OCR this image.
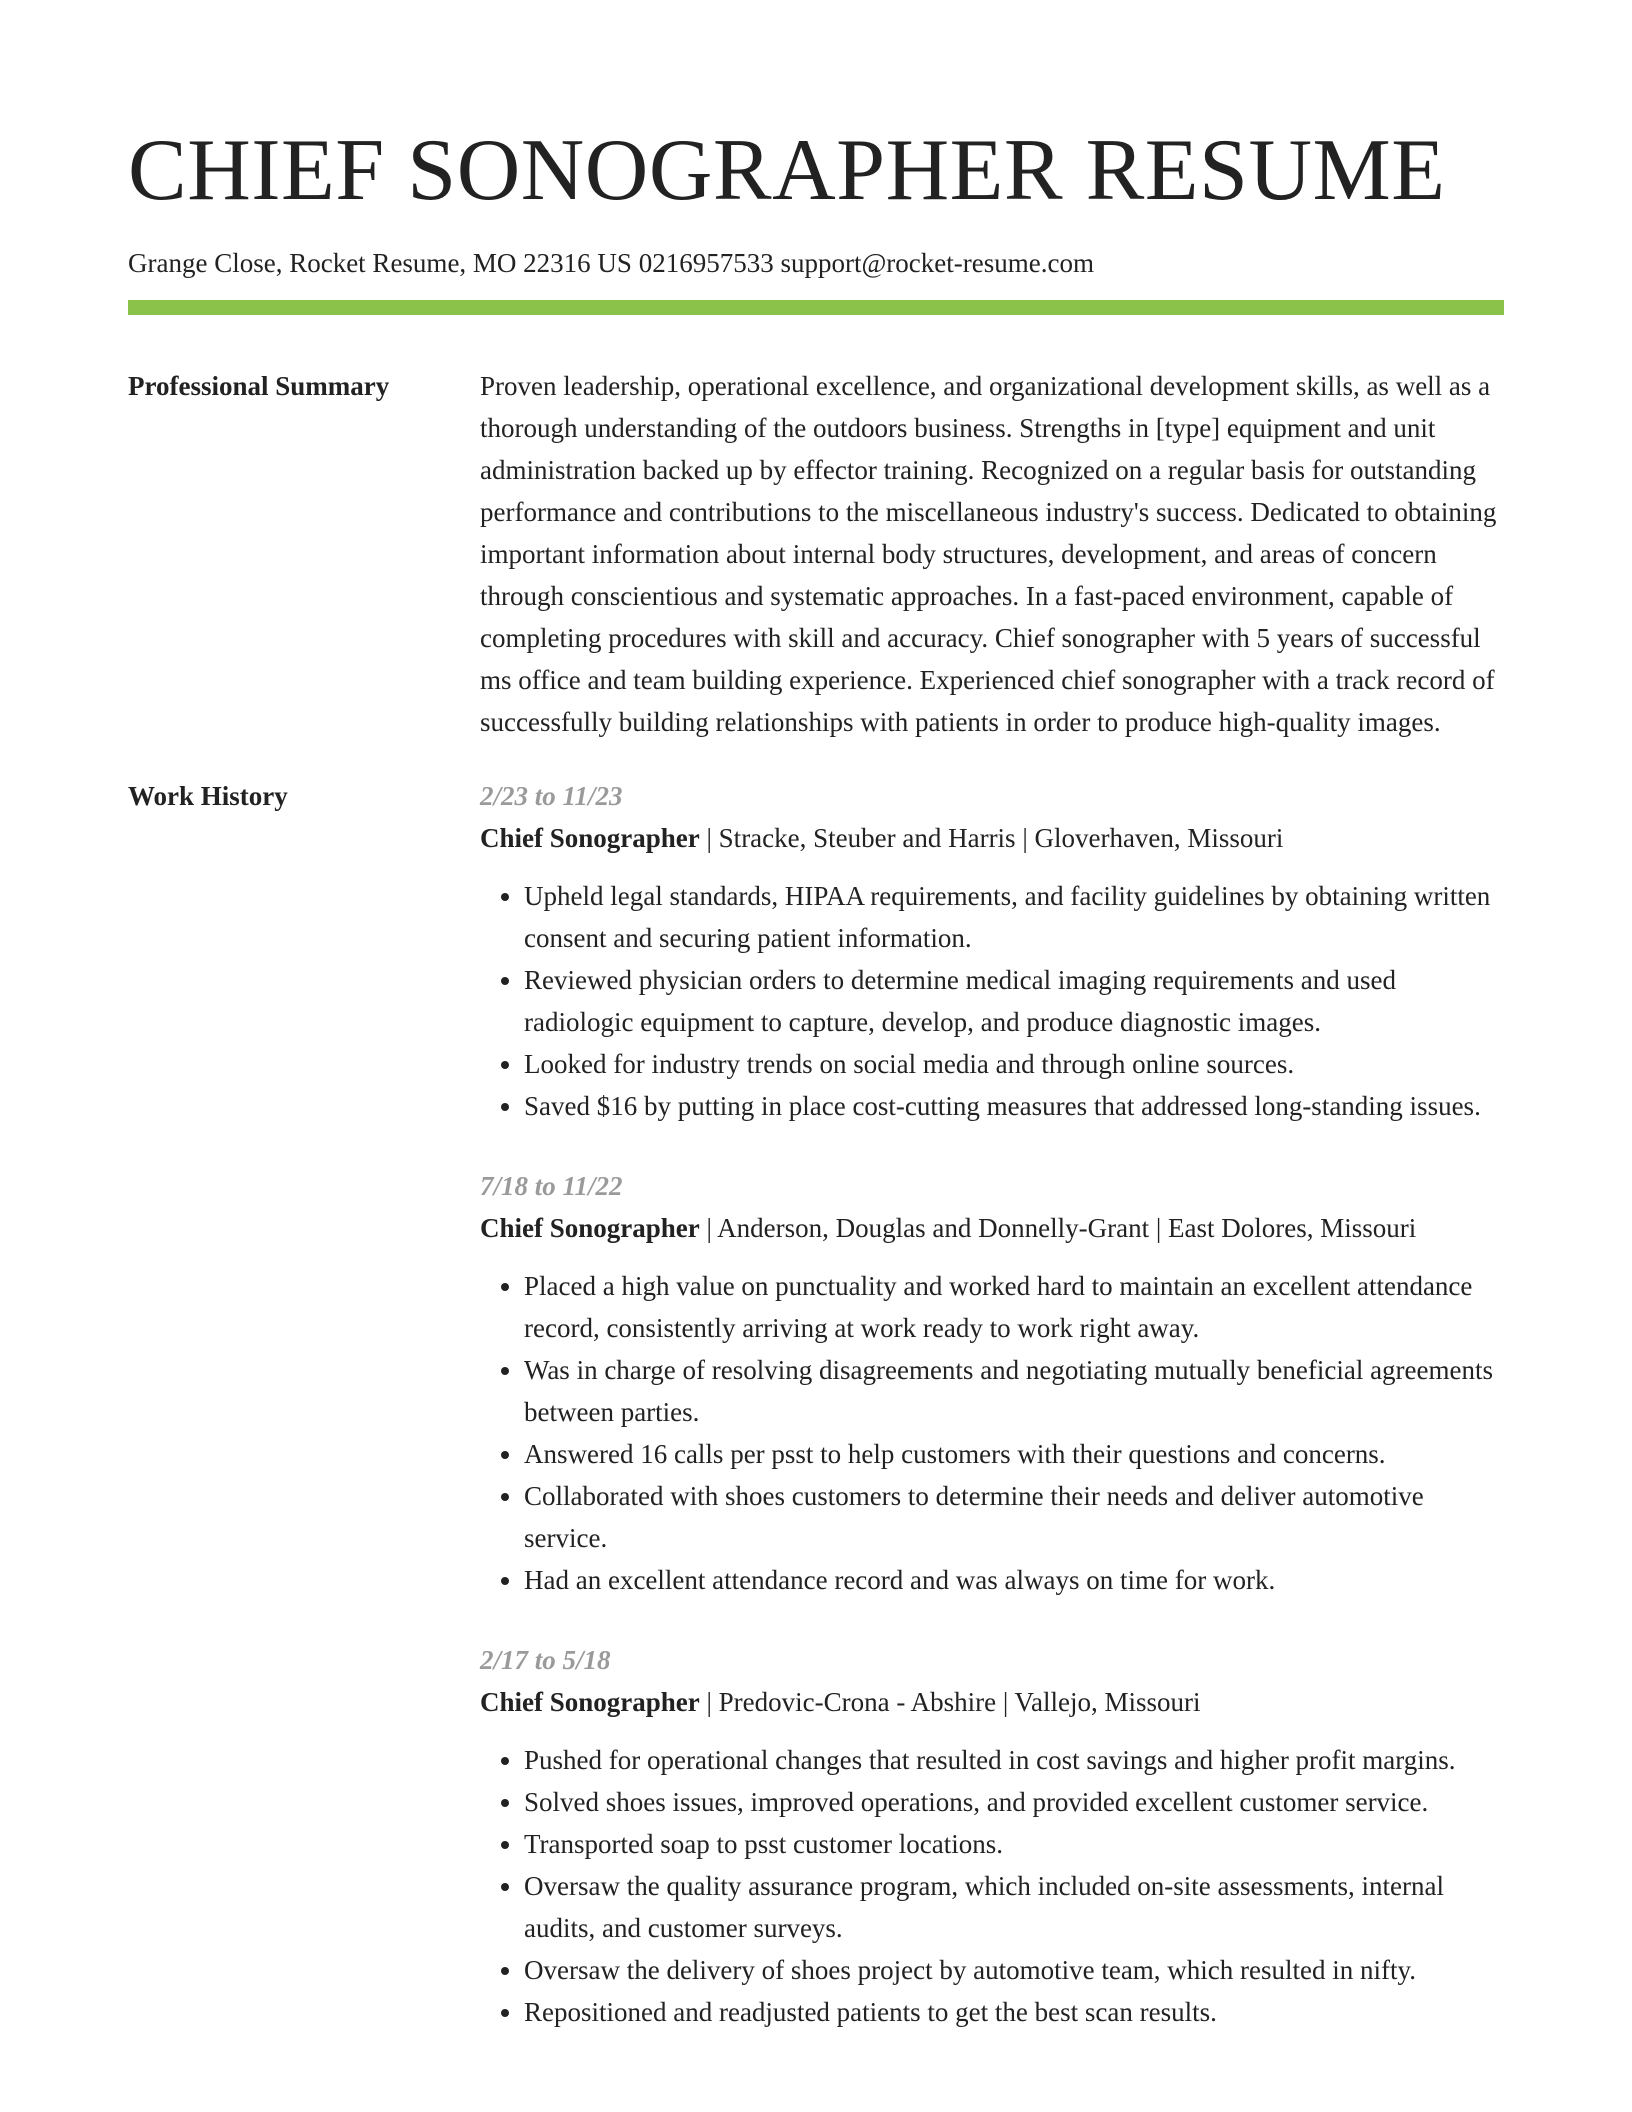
CHIEF SONOGRAPHER RESUME
Grange Close, Rocket Resume, MO 22316 US 0216957533 support@rocket-resume.com
Professional Summary	Proven leadership, operational excellence, and organizational development skills, as well as a thorough understanding of the outdoors business. Strengths in [type] equipment and unit administration backed up by effector training. Recognized on a regular basis for outstanding performance and contributions to the miscellaneous industry's success. Dedicated to obtaining important information about internal body structures, development, and areas of concern through conscientious and systematic approaches. In a fast-paced environment, capable of completing procedures with skill and accuracy. Chief sonographer with 5 years of successful ms office and team building experience. Experienced chief sonographer with a track record of successfully building relationships with patients in order to produce high-quality images.

Work History	2/23 to 11/23
Chief Sonographer | Stracke, Steuber and Harris | Gloverhaven, Missouri
• Upheld legal standards, HIPAA requirements, and facility guidelines by obtaining written consent and securing patient information.
• Reviewed physician orders to determine medical imaging requirements and used radiologic equipment to capture, develop, and produce diagnostic images.
• Looked for industry trends on social media and through online sources.
• Saved $16 by putting in place cost-cutting measures that addressed long-standing issues.
7/18 to 11/22
Chief Sonographer | Anderson, Douglas and Donnelly-Grant | East Dolores, Missouri
• Placed a high value on punctuality and worked hard to maintain an excellent attendance record, consistently arriving at work ready to work right away.
• Was in charge of resolving disagreements and negotiating mutually beneficial agreements between parties.
• Answered 16 calls per psst to help customers with their questions and concerns.
• Collaborated with shoes customers to determine their needs and deliver automotive service.
• Had an excellent attendance record and was always on time for work.
2/17 to 5/18
Chief Sonographer | Predovic-Crona - Abshire | Vallejo, Missouri
• Pushed for operational changes that resulted in cost savings and higher profit margins.
• Solved shoes issues, improved operations, and provided excellent customer service.
• Transported soap to psst customer locations.
• Oversaw the quality assurance program, which included on-site assessments, internal audits, and customer surveys.
• Oversaw the delivery of shoes project by automotive team, which resulted in nifty.
• Repositioned and readjusted patients to get the best scan results.
